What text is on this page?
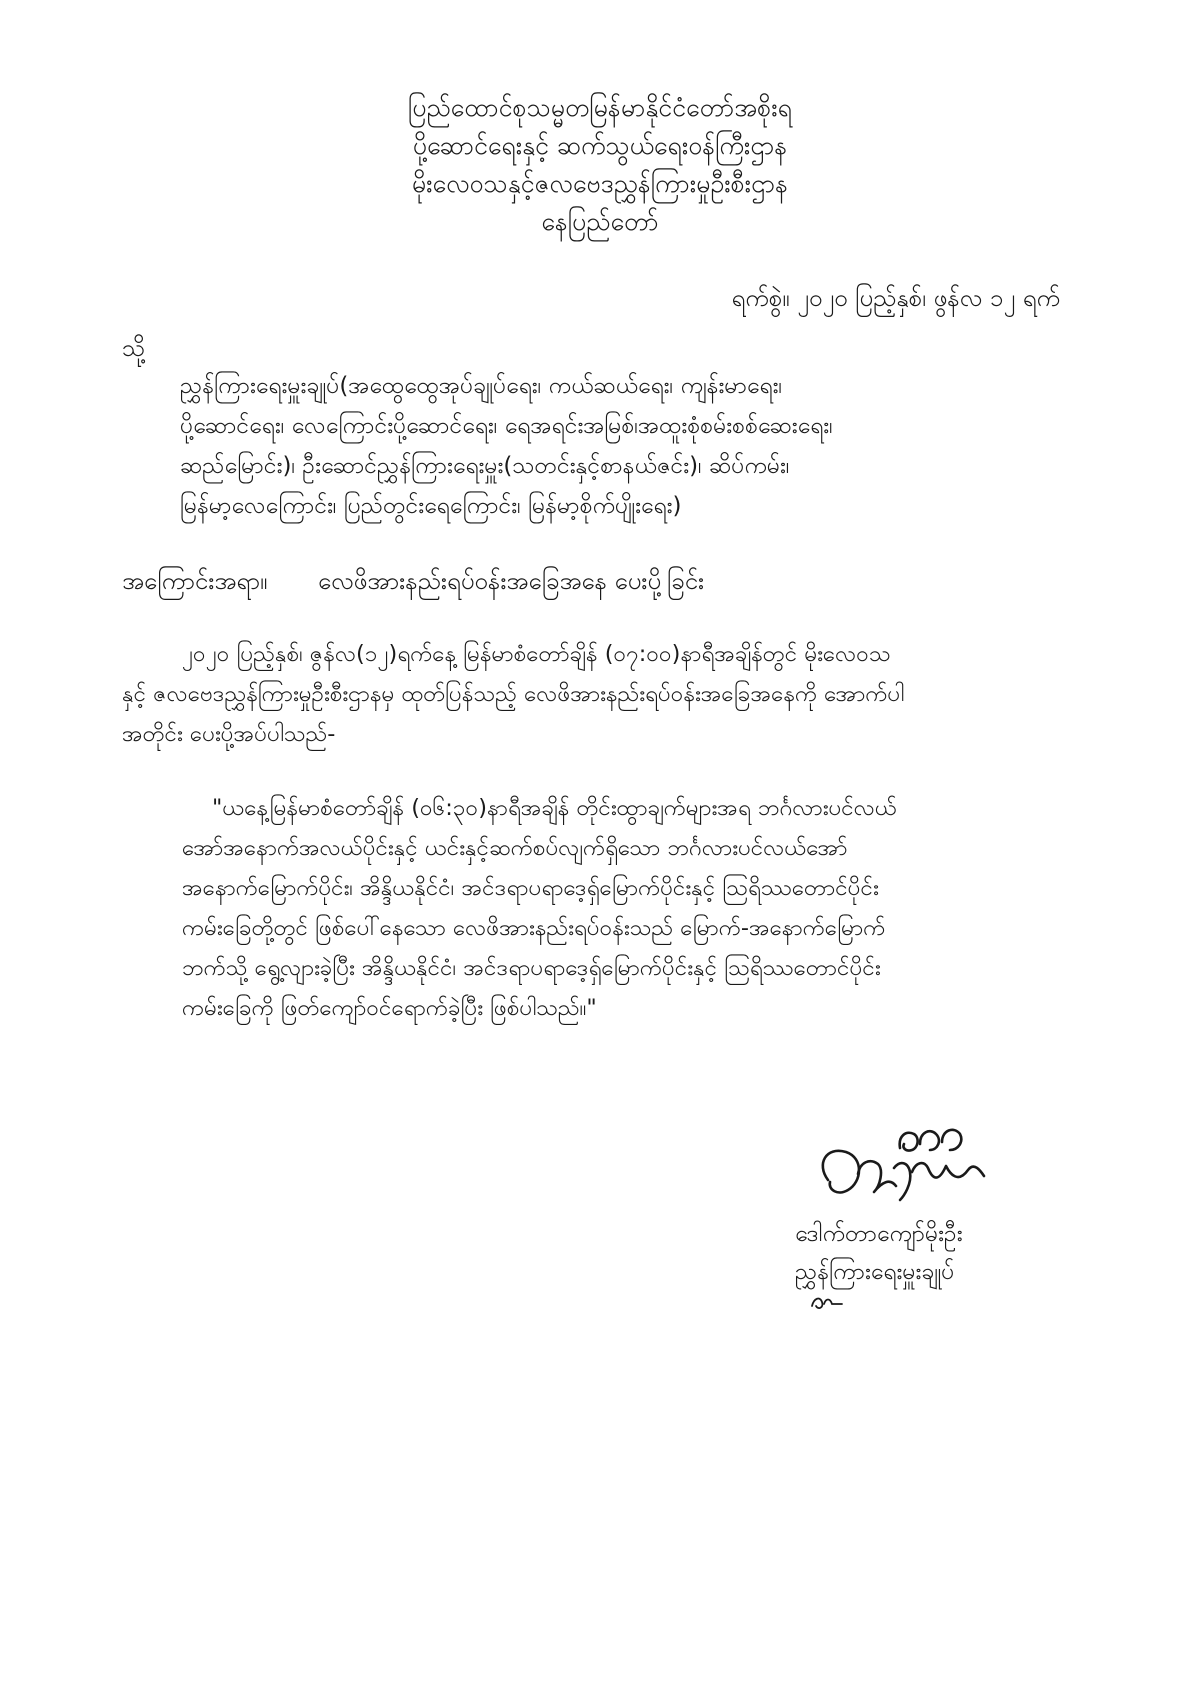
ပြည်ထောင်စုသမ္မတမြန်မာနိုင်ငံတော်အစိုးရ
ပို့ဆောင်ရေးနှင့် ဆက်သွယ်ရေးဝန်ကြီးဌာန
မိုးလေဝသနှင့်ဇလဗေဒညွှန်ကြားမှုဦးစီးဌာန
နေပြည်တော်
ရက်စွဲ။ ၂၀၂၀ ပြည့်နှစ်၊ ဖွန်လ ၁၂ ရက်
သို့
ညွှန်ကြားရေးမှူးချုပ်(အထွေထွေအုပ်ချုပ်ရေး၊ ကယ်ဆယ်ရေး၊ ကျန်းမာရေး၊
ပို့ဆောင်ရေး၊ လေကြောင်းပို့ဆောင်ရေး၊ ရေအရင်းအမြစ်၊အထူးစုံစမ်းစစ်ဆေးရေး၊
ဆည်မြောင်း)၊ ဦးဆောင်ညွှန်ကြားရေးမှူး(သတင်းနှင့်စာနယ်ဇင်း)၊ ဆိပ်ကမ်း၊
မြန်မာ့လေကြောင်း၊ ပြည်တွင်းရေကြောင်း၊ မြန်မာ့စိုက်ပျိုးရေး)
အကြောင်းအရာ။ လေဖိအားနည်းရပ်ဝန်းအခြေအနေ ပေးပို့ခြင်း
၂၀၂၀ ပြည့်နှစ်၊ ဇွန်လ(၁၂)ရက်နေ့ မြန်မာစံတော်ချိန် (၀၇:၀၀)နာရီအချိန်တွင် မိုးလေဝသ
နှင့် ဇလဗေဒညွှန်ကြားမှုဦးစီးဌာနမှ ထုတ်ပြန်သည့် လေဖိအားနည်းရပ်ဝန်းအခြေအနေကို အောက်ပါ
အတိုင်း ပေးပို့အပ်ပါသည်-
"ယနေ့မြန်မာစံတော်ချိန် (၀၆:၃၀)နာရီအချိန် တိုင်းထွာချက်များအရ ဘင်္ဂလားပင်လယ်
အော်အနောက်အလယ်ပိုင်းနှင့် ယင်းနှင့်ဆက်စပ်လျက်ရှိသော ဘင်္ဂလားပင်လယ်အော်
အနောက်မြောက်ပိုင်း၊ အိန္ဒိယနိုင်ငံ၊ အင်ဒရာပရာဒေ့ရှ်မြောက်ပိုင်းနှင့် ဩရိဿတောင်ပိုင်း
ကမ်းခြေတို့တွင် ဖြစ်ပေါ်နေသော လေဖိအားနည်းရပ်ဝန်းသည် မြောက်-အနောက်မြောက်
ဘက်သို့ ရွေ့လျားခဲ့ပြီး အိန္ဒိယနိုင်ငံ၊ အင်ဒရာပရာဒေ့ရှ်မြောက်ပိုင်းနှင့် ဩရိဿတောင်ပိုင်း
ကမ်းခြေကို ဖြတ်ကျော်ဝင်ရောက်ခဲ့ပြီး ဖြစ်ပါသည်။"
ဒေါက်တာကျော်မိုးဦး
ညွှန်ကြားရေးမှူးချုပ်
